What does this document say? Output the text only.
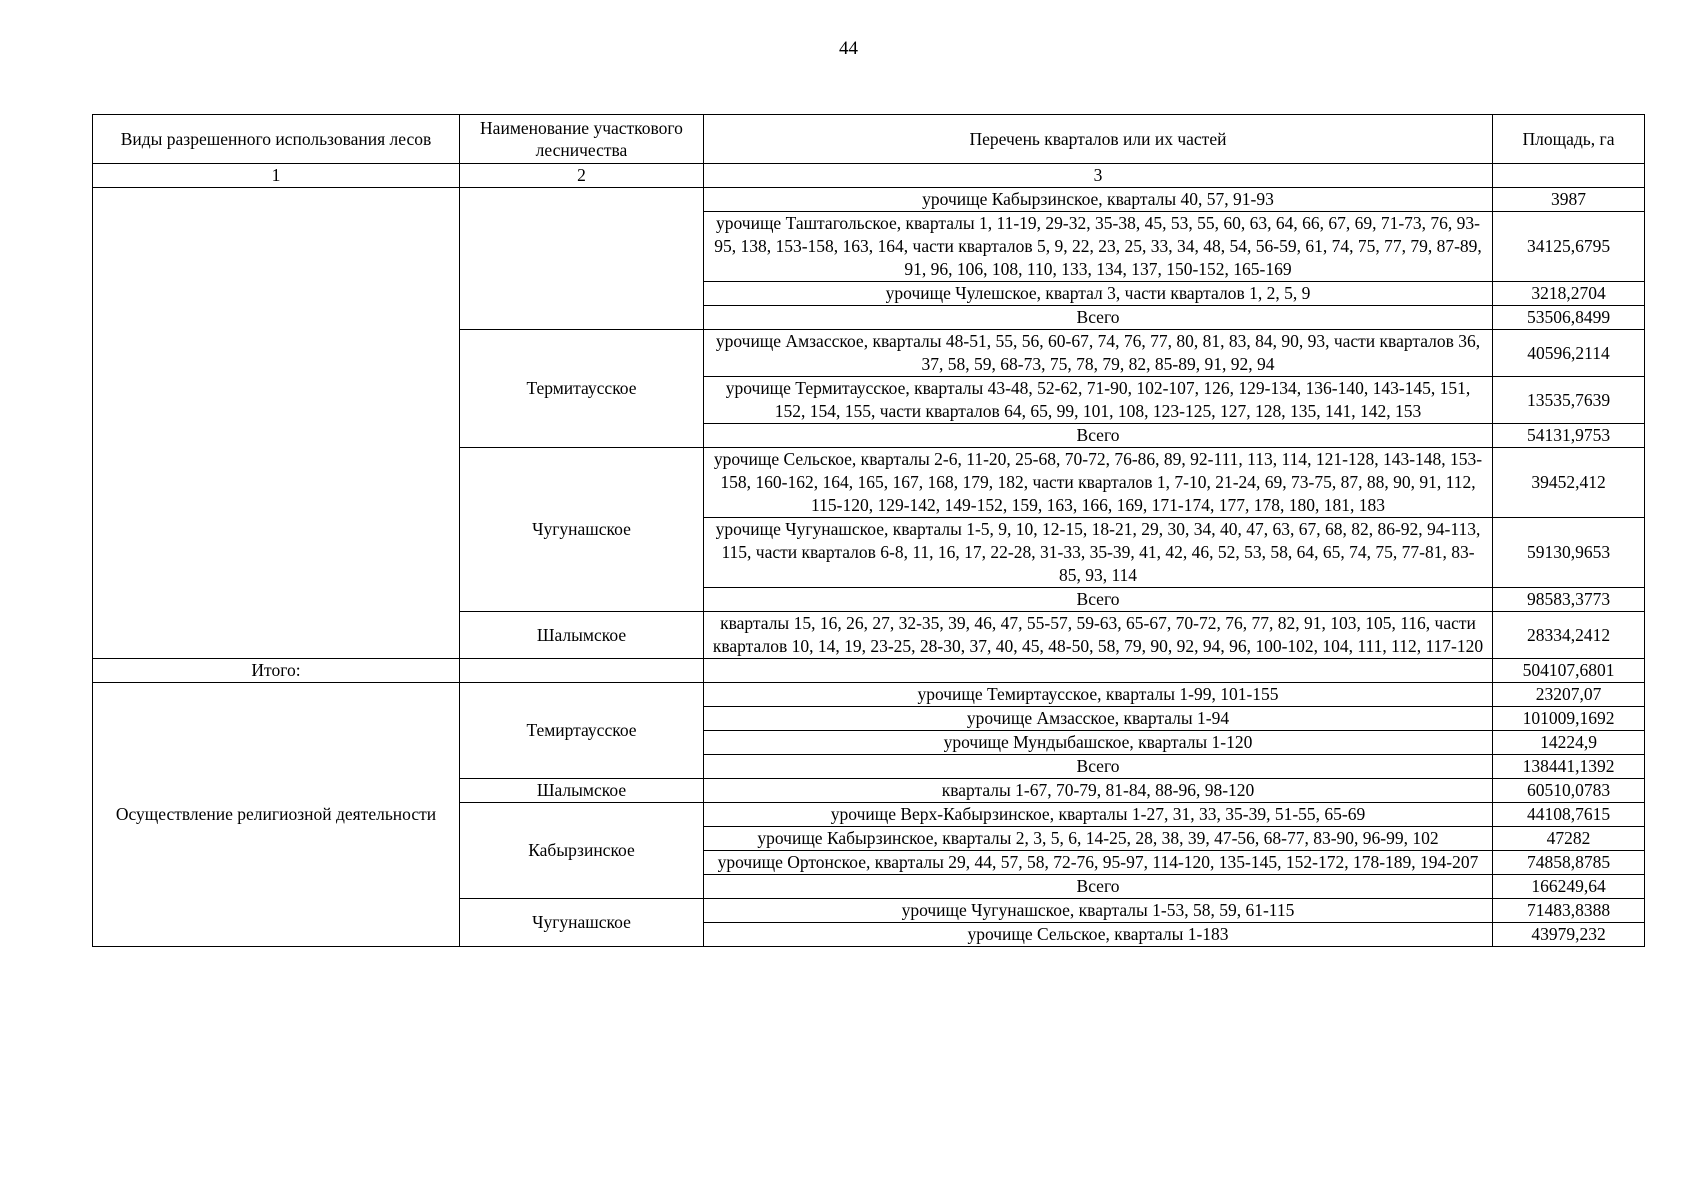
44
Виды разрешенного использования лесов	Наименование участкового лесничества	Перечень кварталов или их частей	Площадь, га
1	2	3	
		урочище Кабырзинское, кварталы 40, 57, 91-93	3987
		урочище Таштагольское, кварталы 1, 11-19, 29-32, 35-38, 45, 53, 55, 60, 63, 64, 66, 67, 69, 71-73, 76, 93-95, 138, 153-158, 163, 164, части кварталов 5, 9, 22, 23, 25, 33, 34, 48, 54, 56-59, 61, 74, 75, 77, 79, 87-89, 91, 96, 106, 108, 110, 133, 134, 137, 150-152, 165-169	34125,6795
		урочище Чулешское, квартал 3, части кварталов 1, 2, 5, 9	3218,2704
		Всего	53506,8499
	Термитаусское	урочище Амзасское, кварталы 48-51, 55, 56, 60-67, 74, 76, 77, 80, 81, 83, 84, 90, 93, части кварталов 36, 37, 58, 59, 68-73, 75, 78, 79, 82, 85-89, 91, 92, 94	40596,2114
		урочище Термитаусское, кварталы 43-48, 52-62, 71-90, 102-107, 126, 129-134, 136-140, 143-145, 151, 152, 154, 155, части кварталов 64, 65, 99, 101, 108, 123-125, 127, 128, 135, 141, 142, 153	13535,7639
		Всего	54131,9753
	Чугунашское	урочище Сельское, кварталы 2-6, 11-20, 25-68, 70-72, 76-86, 89, 92-111, 113, 114, 121-128, 143-148, 153-158, 160-162, 164, 165, 167, 168, 179, 182, части кварталов 1, 7-10, 21-24, 69, 73-75, 87, 88, 90, 91, 112, 115-120, 129-142, 149-152, 159, 163, 166, 169, 171-174, 177, 178, 180, 181, 183	39452,412
		урочище Чугунашское, кварталы 1-5, 9, 10, 12-15, 18-21, 29, 30, 34, 40, 47, 63, 67, 68, 82, 86-92, 94-113, 115, части кварталов 6-8, 11, 16, 17, 22-28, 31-33, 35-39, 41, 42, 46, 52, 53, 58, 64, 65, 74, 75, 77-81, 83-85, 93, 114	59130,9653
		Всего	98583,3773
	Шалымское	кварталы 15, 16, 26, 27, 32-35, 39, 46, 47, 55-57, 59-63, 65-67, 70-72, 76, 77, 82, 91, 103, 105, 116, части кварталов 10, 14, 19, 23-25, 28-30, 37, 40, 45, 48-50, 58, 79, 90, 92, 94, 96, 100-102, 104, 111, 112, 117-120	28334,2412
Итого:			504107,6801
Осуществление религиозной деятельности	Темиртаусское	урочище Темиртаусское, кварталы 1-99, 101-155	23207,07
		урочище Амзасское, кварталы 1-94	101009,1692
		урочище Мундыбашское, кварталы 1-120	14224,9
		Всего	138441,1392
	Шалымское	кварталы 1-67, 70-79, 81-84, 88-96, 98-120	60510,0783
	Кабырзинское	урочище Верх-Кабырзинское, кварталы 1-27, 31, 33, 35-39, 51-55, 65-69	44108,7615
		урочище Кабырзинское, кварталы 2, 3, 5, 6, 14-25, 28, 38, 39, 47-56, 68-77, 83-90, 96-99, 102	47282
		урочище Ортонское, кварталы 29, 44, 57, 58, 72-76, 95-97, 114-120, 135-145, 152-172, 178-189, 194-207	74858,8785
		Всего	166249,64
	Чугунашское	урочище Чугунашское, кварталы 1-53, 58, 59, 61-115	71483,8388
		урочище Сельское, кварталы 1-183	43979,232
